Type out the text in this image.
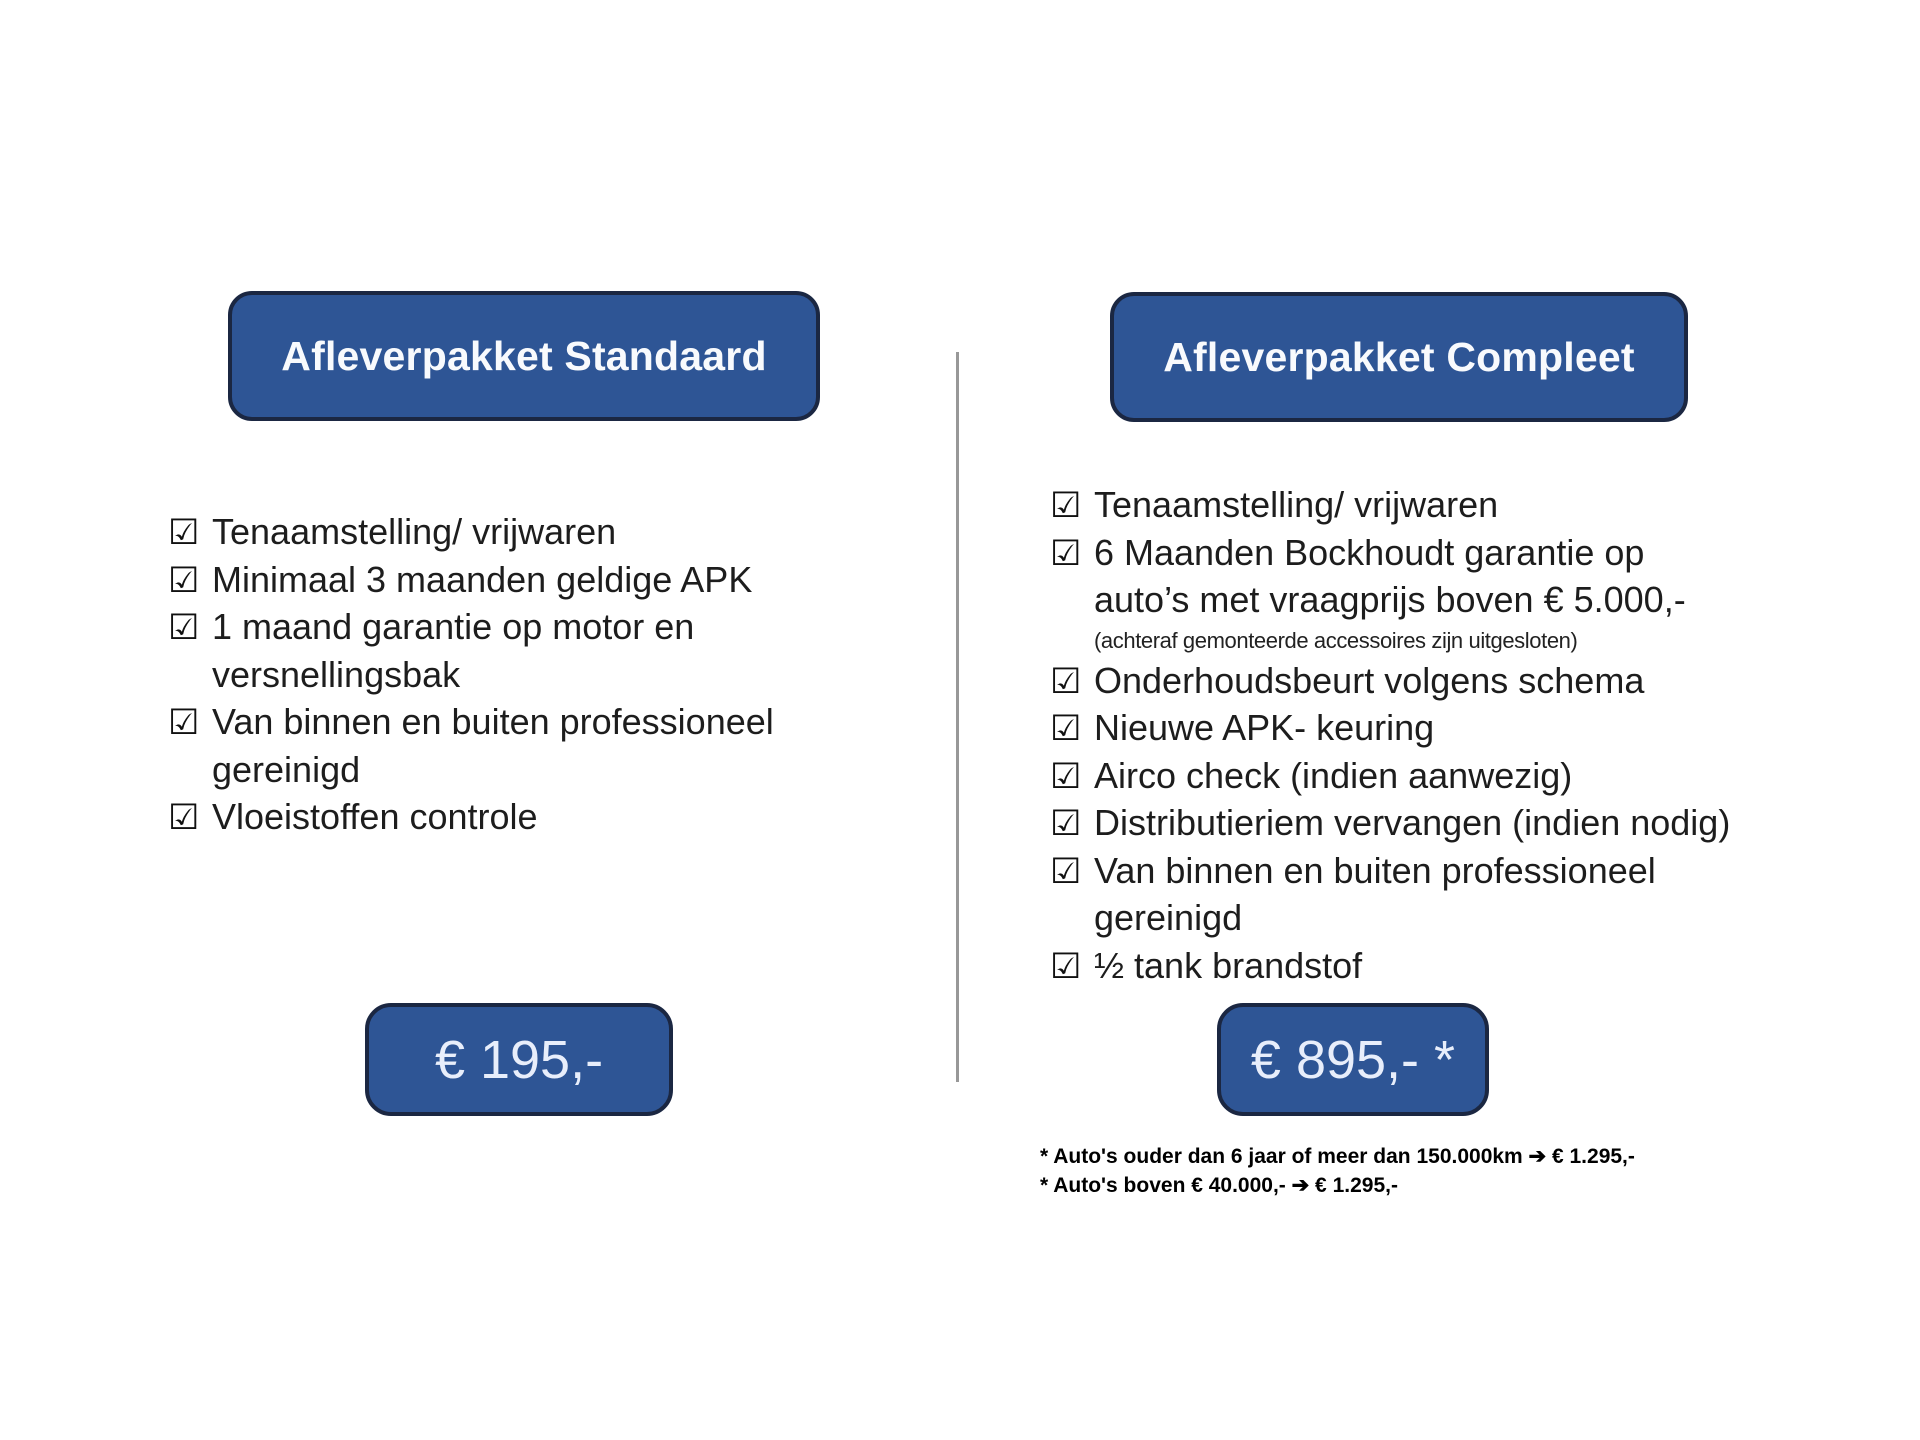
Afleverpakket Standaard	Afleverpakket Compleet
☑ Tenaamstelling/ vrijwaren
☑ Minimaal 3 maanden geldige APK
☑ 1 maand garantie op motor en
versnellingsbak
☑ Van binnen en buiten professioneel
gereinigd
☑ Vloeistoffen controle
☑ Tenaamstelling/ vrijwaren
☑ 6 Maanden Bockhoudt garantie op
auto’s met vraagprijs boven € 5.000,-
(achteraf gemonteerde accessoires zijn uitgesloten)
☑ Onderhoudsbeurt volgens schema
☑ Nieuwe APK- keuring
☑ Airco check (indien aanwezig)
☑ Distributieriem vervangen (indien nodig)
☑ Van binnen en buiten professioneel
gereinigd
☑ ½ tank brandstof
€ 195,-	€ 895,- *
* Auto's ouder dan 6 jaar of meer dan 150.000km ➔ € 1.295,-
* Auto's boven € 40.000,- ➔ € 1.295,-
